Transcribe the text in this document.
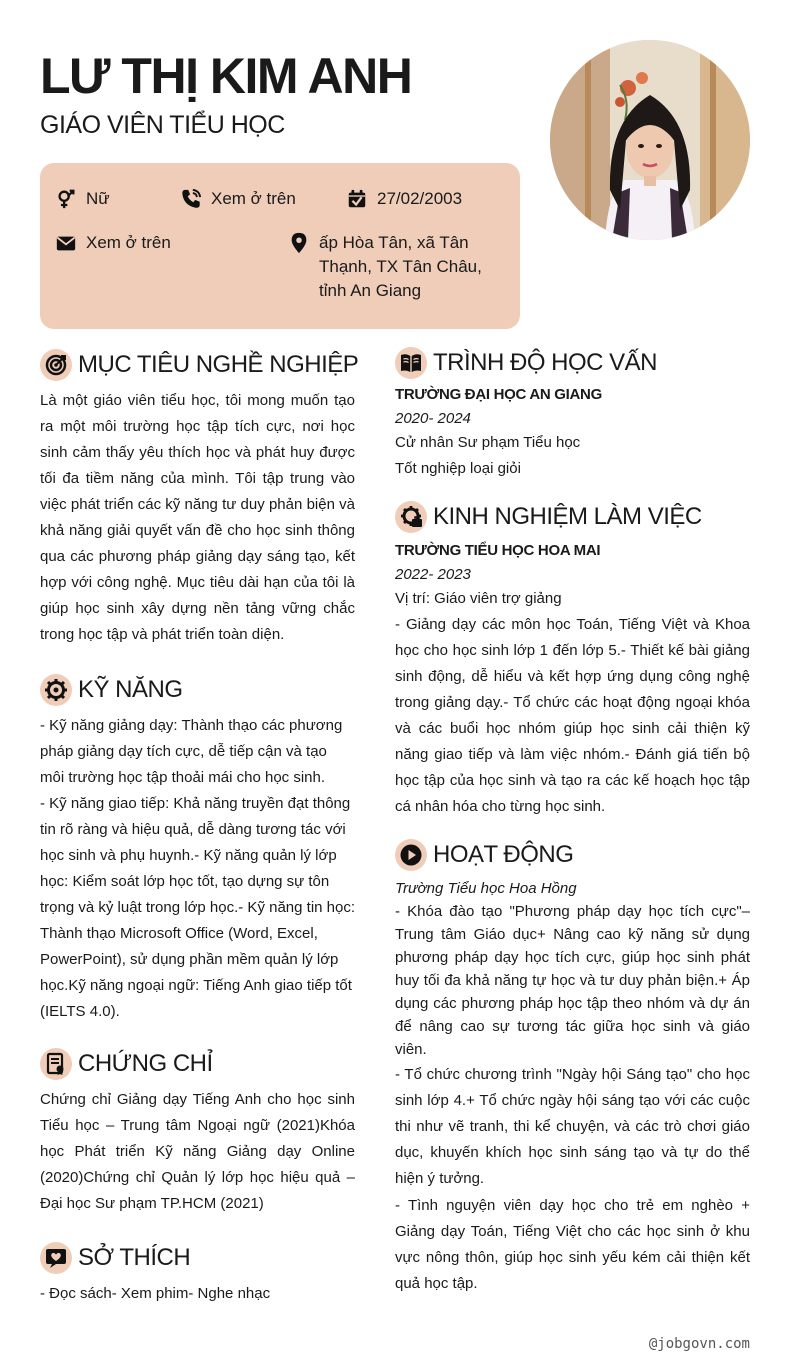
LƯ THỊ KIM ANH
GIÁO VIÊN TIỂU HỌC
Nữ	Xem ở trên	27/02/2003
Xem ở trên	ấp Hòa Tân, xã Tân Thạnh, TX Tân Châu, tỉnh An Giang
MỤC TIÊU NGHỀ NGHIỆP
Là một giáo viên tiểu học, tôi mong muốn tạo ra một môi trường học tập tích cực, nơi học sinh cảm thấy yêu thích học và phát huy được tối đa tiềm năng của mình. Tôi tập trung vào việc phát triển các kỹ năng tư duy phản biện và khả năng giải quyết vấn đề cho học sinh thông qua các phương pháp giảng dạy sáng tạo, kết hợp với công nghệ. Mục tiêu dài hạn của tôi là giúp học sinh xây dựng nền tảng vững chắc trong học tập và phát triển toàn diện.
KỸ NĂNG
- Kỹ năng giảng dạy: Thành thạo các phương pháp giảng dạy tích cực, dễ tiếp cận và tạo môi trường học tập thoải mái cho học sinh.
- Kỹ năng giao tiếp: Khả năng truyền đạt thông tin rõ ràng và hiệu quả, dễ dàng tương tác với học sinh và phụ huynh.- Kỹ năng quản lý lớp học: Kiểm soát lớp học tốt, tạo dựng sự tôn trọng và kỷ luật trong lớp học.- Kỹ năng tin học: Thành thạo Microsoft Office (Word, Excel, PowerPoint), sử dụng phần mềm quản lý lớp học.Kỹ năng ngoại ngữ: Tiếng Anh giao tiếp tốt (IELTS 4.0).
CHỨNG CHỈ
Chứng chỉ Giảng dạy Tiếng Anh cho học sinh Tiểu học – Trung tâm Ngoại ngữ (2021)Khóa học Phát triển Kỹ năng Giảng dạy Online (2020)Chứng chỉ Quản lý lớp học hiệu quả – Đại học Sư phạm TP.HCM (2021)
SỞ THÍCH
- Đọc sách- Xem phim- Nghe nhạc
TRÌNH ĐỘ HỌC VẤN
TRƯỜNG ĐẠI HỌC AN GIANG
2020- 2024
Cử nhân Sư phạm Tiểu học
Tốt nghiệp loại giỏi
KINH NGHIỆM LÀM VIỆC
TRƯỜNG TIỂU HỌC HOA MAI
2022- 2023
Vị trí: Giáo viên trợ giảng
- Giảng dạy các môn học Toán, Tiếng Việt và Khoa học cho học sinh lớp 1 đến lớp 5.- Thiết kế bài giảng sinh động, dễ hiểu và kết hợp ứng dụng công nghệ trong giảng dạy.- Tổ chức các hoạt động ngoại khóa và các buổi học nhóm giúp học sinh cải thiện kỹ năng giao tiếp và làm việc nhóm.- Đánh giá tiến bộ học tập của học sinh và tạo ra các kế hoạch học tập cá nhân hóa cho từng học sinh.
HOẠT ĐỘNG
Trường Tiểu học Hoa Hồng
- Khóa đào tạo "Phương pháp dạy học tích cực"– Trung tâm Giáo dục+ Nâng cao kỹ năng sử dụng phương pháp dạy học tích cực, giúp học sinh phát huy tối đa khả năng tự học và tư duy phản biện.+ Áp dụng các phương pháp học tập theo nhóm và dự án để nâng cao sự tương tác giữa học sinh và giáo viên.
- Tổ chức chương trình "Ngày hội Sáng tạo" cho học sinh lớp 4.+ Tổ chức ngày hội sáng tạo với các cuộc thi như vẽ tranh, thi kể chuyện, và các trò chơi giáo dục, khuyến khích học sinh sáng tạo và tự do thể hiện ý tưởng.
- Tình nguyện viên dạy học cho trẻ em nghèo + Giảng dạy Toán, Tiếng Việt cho các học sinh ở khu vực nông thôn, giúp học sinh yếu kém cải thiện kết quả học tập.
@jobgovn.com
